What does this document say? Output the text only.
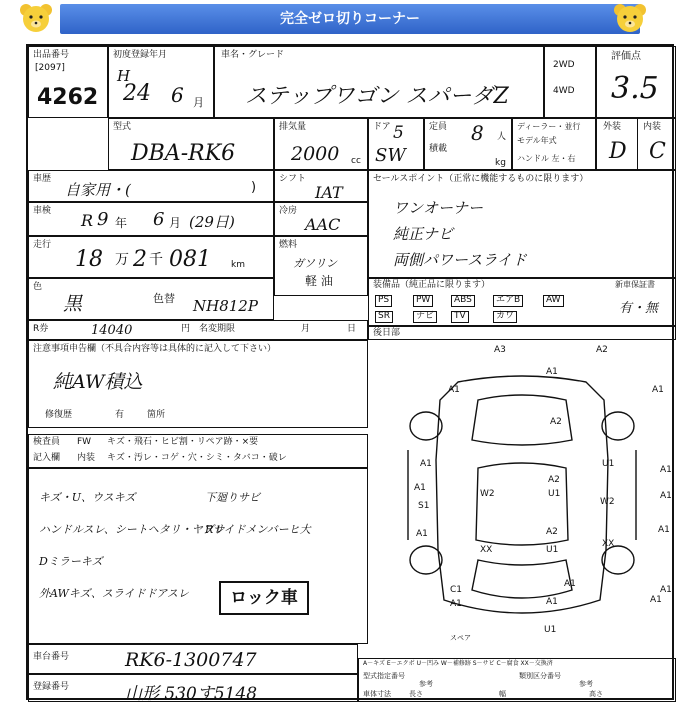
完全ゼロ切りコーナー
出品番号
[2097]
4262
初度登録年月
H
24 6 月
車名・グレード
ステップワゴン スパーダZ
2WD
4WD
評価点
3.5
型式
DBA-RK6
排気量
2000 cc
ドア 5
SW
定員 8 人
積載
kg
ディーラー・並行
モデル年式
ハンドル 左・右
外装 内装
D C
車歴
自家用・(	)
シフト
IAT
車検 R 9 年 6 月 (29日)
冷房
AAC
走行
18 万 2 千 081 km
燃料
ガソリン
軽 油
色
黒	色替 NH812P
セールスポイント（正常に機能するものに限ります）
ワンオーナー
純正ナビ
両側パワースライド
装備品（純正品に限ります）	新車保証書
PS	PW	ABS	エアB	AW
SR	ナビ	TV	カワ	有・無
R券	14040	円 名変期限	月	日 後日部
注意事項申告欄（不具合内容等は具体的に記入して下さい）
純AW積込
修復歴	有	箇所
検査員
記入欄
FW キズ・飛石・ヒビ割・リペア跡・×要
内装 キズ・汚レ・コゲ・穴・シミ・タバコ・破レ
キズ・U、ウスキズ
ハンドルスレ、シートヘタリ・ヤブレ
Dミラーキズ
外AWキズ、スライドドアスレ
下廻りサビ
Rサイドメンバーヒ大
ロック車
A3	A2
A1
A1	A1
A2
A1
A1
A1
U1
A2
U1
W2
W2
S1
A1
A1
A1
A1
XX
XX
C1
A1	A1	A1
U1
A2
U1
A1
スペア
車台番号	RK6-1300747
登録番号	山形 530す5148
A－キズ E－エクボ U－凹み W－補修跡 S－サビ C－腐食 XX－交換済
型式指定番号	類別区分番号
参考	参考
車体寸法	長さ	幅	高さ
